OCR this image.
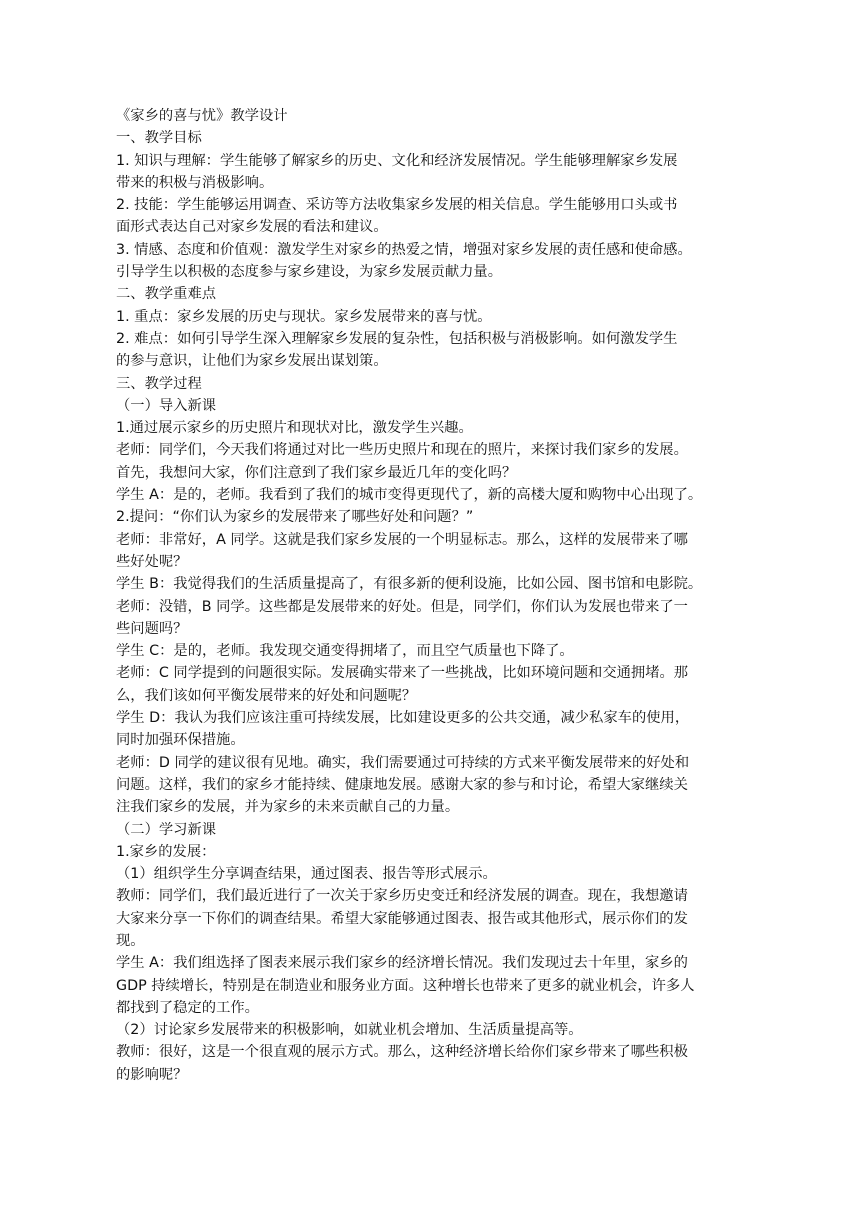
《家乡的喜与忧》教学设计
一、教学目标
1. 知识与理解：学生能够了解家乡的历史、文化和经济发展情况。学生能够理解家乡发展
带来的积极与消极影响。
2. 技能：学生能够运用调查、采访等方法收集家乡发展的相关信息。学生能够用口头或书
面形式表达自己对家乡发展的看法和建议。
3. 情感、态度和价值观：激发学生对家乡的热爱之情，增强对家乡发展的责任感和使命感。
引导学生以积极的态度参与家乡建设，为家乡发展贡献力量。
二、教学重难点
1. 重点：家乡发展的历史与现状。家乡发展带来的喜与忧。
2. 难点：如何引导学生深入理解家乡发展的复杂性，包括积极与消极影响。如何激发学生
的参与意识，让他们为家乡发展出谋划策。
三、教学过程
（一）导入新课
1.通过展示家乡的历史照片和现状对比，激发学生兴趣。
老师：同学们，今天我们将通过对比一些历史照片和现在的照片，来探讨我们家乡的发展。
首先，我想问大家，你们注意到了我们家乡最近几年的变化吗？
学生 A：是的，老师。我看到了我们的城市变得更现代了，新的高楼大厦和购物中心出现了。
2.提问：“你们认为家乡的发展带来了哪些好处和问题？”
老师：非常好，A 同学。这就是我们家乡发展的一个明显标志。那么，这样的发展带来了哪
些好处呢？
学生 B：我觉得我们的生活质量提高了，有很多新的便利设施，比如公园、图书馆和电影院。
老师：没错，B 同学。这些都是发展带来的好处。但是，同学们，你们认为发展也带来了一
些问题吗？
学生 C：是的，老师。我发现交通变得拥堵了，而且空气质量也下降了。
老师：C 同学提到的问题很实际。发展确实带来了一些挑战，比如环境问题和交通拥堵。那
么，我们该如何平衡发展带来的好处和问题呢？
学生 D：我认为我们应该注重可持续发展，比如建设更多的公共交通，减少私家车的使用，
同时加强环保措施。
老师：D 同学的建议很有见地。确实，我们需要通过可持续的方式来平衡发展带来的好处和
问题。这样，我们的家乡才能持续、健康地发展。感谢大家的参与和讨论，希望大家继续关
注我们家乡的发展，并为家乡的未来贡献自己的力量。
（二）学习新课
1.家乡的发展：
（1）组织学生分享调查结果，通过图表、报告等形式展示。
教师：同学们，我们最近进行了一次关于家乡历史变迁和经济发展的调查。现在，我想邀请
大家来分享一下你们的调查结果。希望大家能够通过图表、报告或其他形式，展示你们的发
现。
学生 A：我们组选择了图表来展示我们家乡的经济增长情况。我们发现过去十年里，家乡的
GDP 持续增长，特别是在制造业和服务业方面。这种增长也带来了更多的就业机会，许多人
都找到了稳定的工作。
（2）讨论家乡发展带来的积极影响，如就业机会增加、生活质量提高等。
教师：很好，这是一个很直观的展示方式。那么，这种经济增长给你们家乡带来了哪些积极
的影响呢？
